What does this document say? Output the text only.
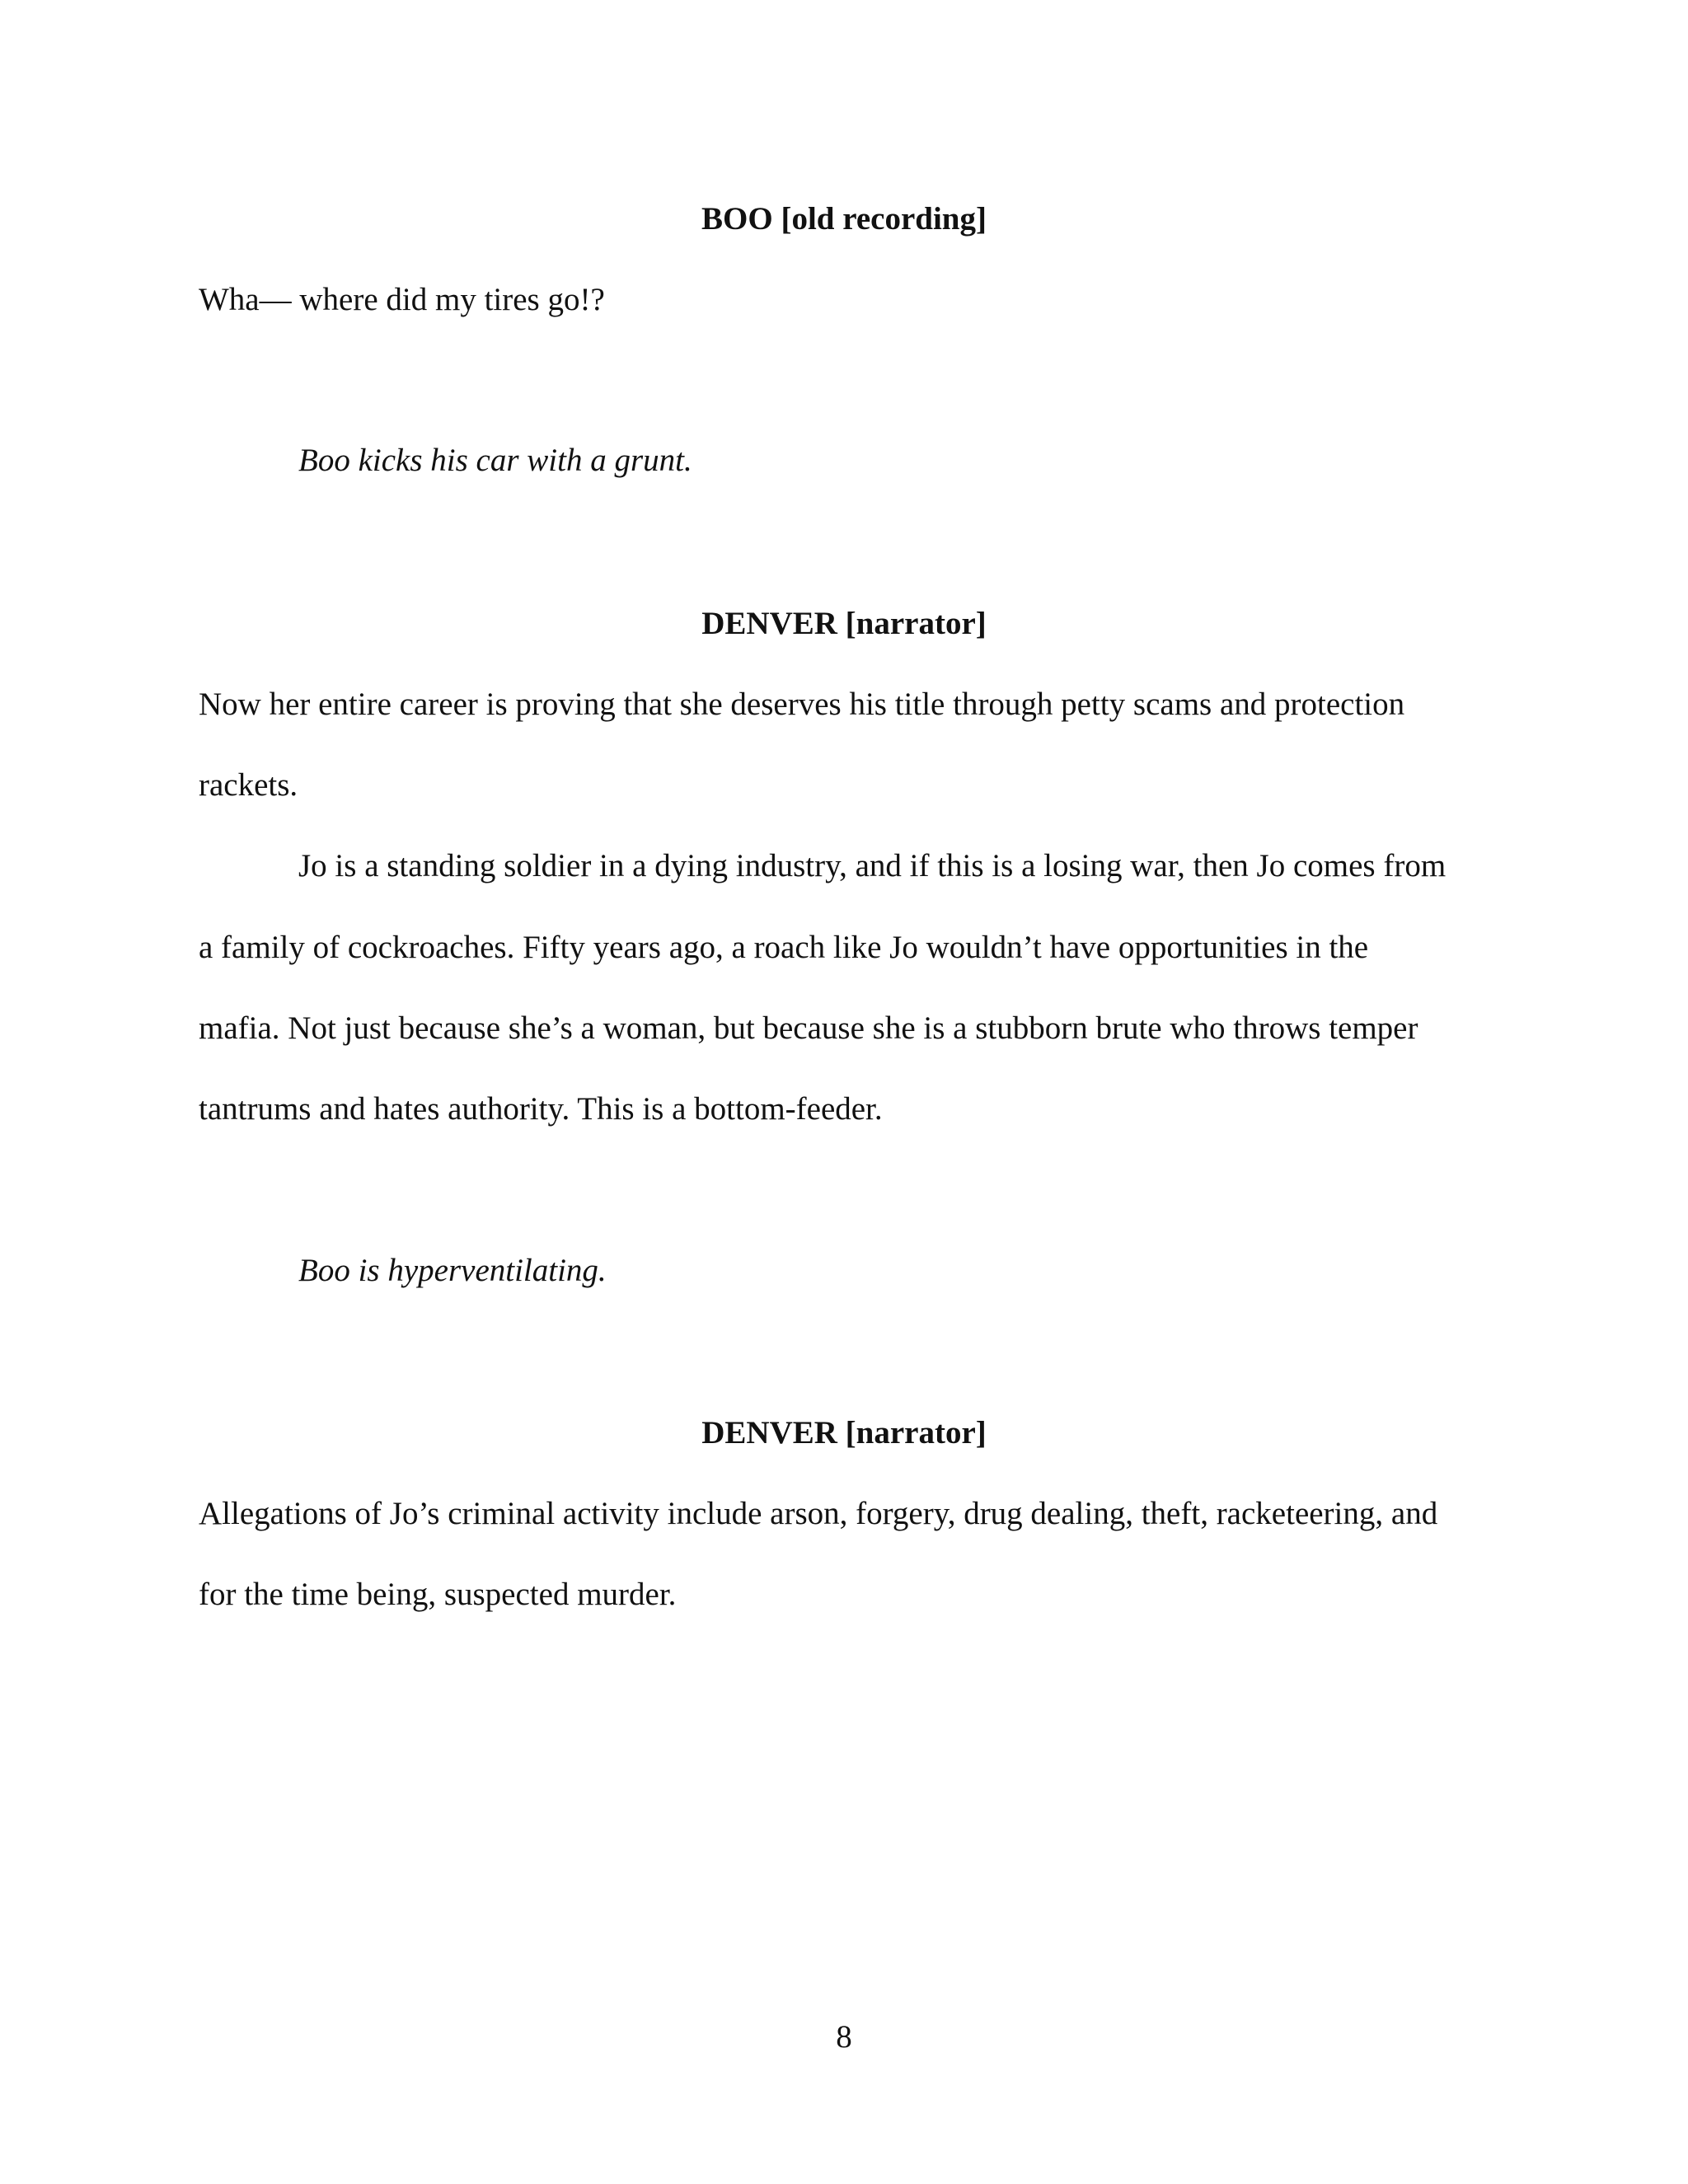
BOO [old recording]
Wha— where did my tires go!?
Boo kicks his car with a grunt.
DENVER [narrator]
Now her entire career is proving that she deserves his title through petty scams and protection
rackets.
Jo is a standing soldier in a dying industry, and if this is a losing war, then Jo comes from
a family of cockroaches. Fifty years ago, a roach like Jo wouldn’t have opportunities in the
mafia. Not just because she’s a woman, but because she is a stubborn brute who throws temper
tantrums and hates authority. This is a bottom-feeder.
Boo is hyperventilating.
DENVER [narrator]
Allegations of Jo’s criminal activity include arson, forgery, drug dealing, theft, racketeering, and
for the time being, suspected murder.
8
